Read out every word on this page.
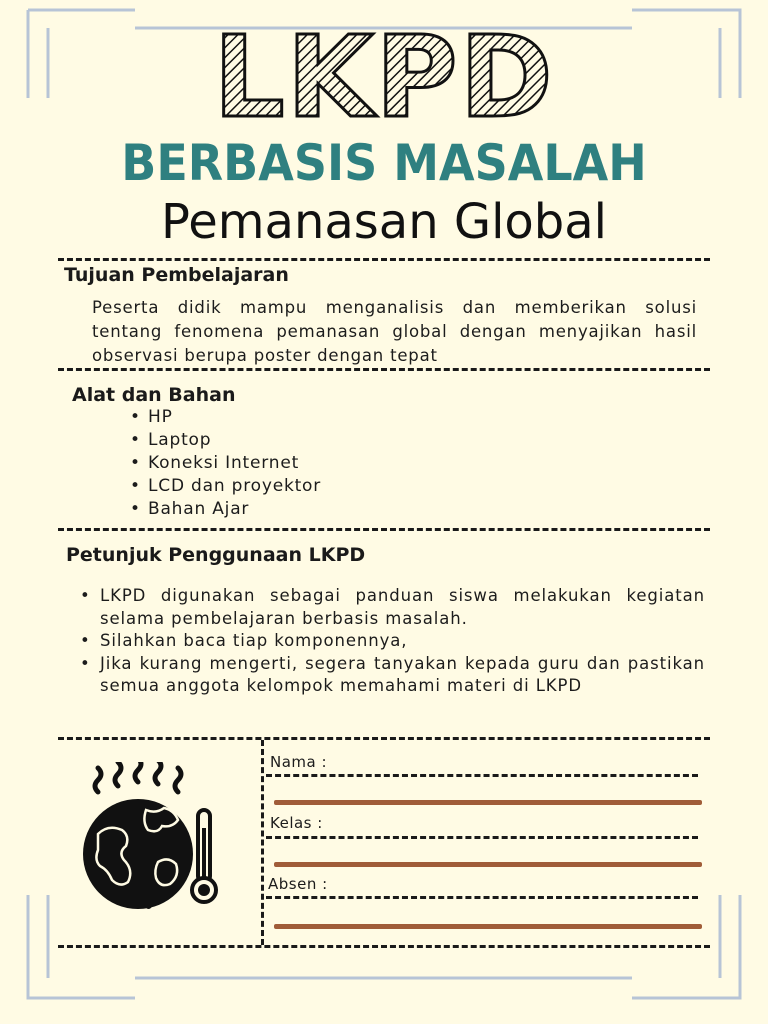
LKPD
BERBASIS MASALAH
Pemanasan Global
Tujuan Pembelajaran
Peserta didik mampu menganalisis dan memberikan solusi tentang fenomena pemanasan global dengan menyajikan hasil observasi berupa poster dengan tepat
Alat dan Bahan
• HP
• Laptop
• Koneksi Internet
• LCD dan proyektor
• Bahan Ajar
Petunjuk Penggunaan LKPD
• LKPD digunakan sebagai panduan siswa melakukan kegiatan selama pembelajaran berbasis masalah.
• Silahkan baca tiap komponennya,
• Jika kurang mengerti, segera tanyakan kepada guru dan pastikan semua anggota kelompok memahami materi di LKPD
Nama :
Kelas :
Absen :
